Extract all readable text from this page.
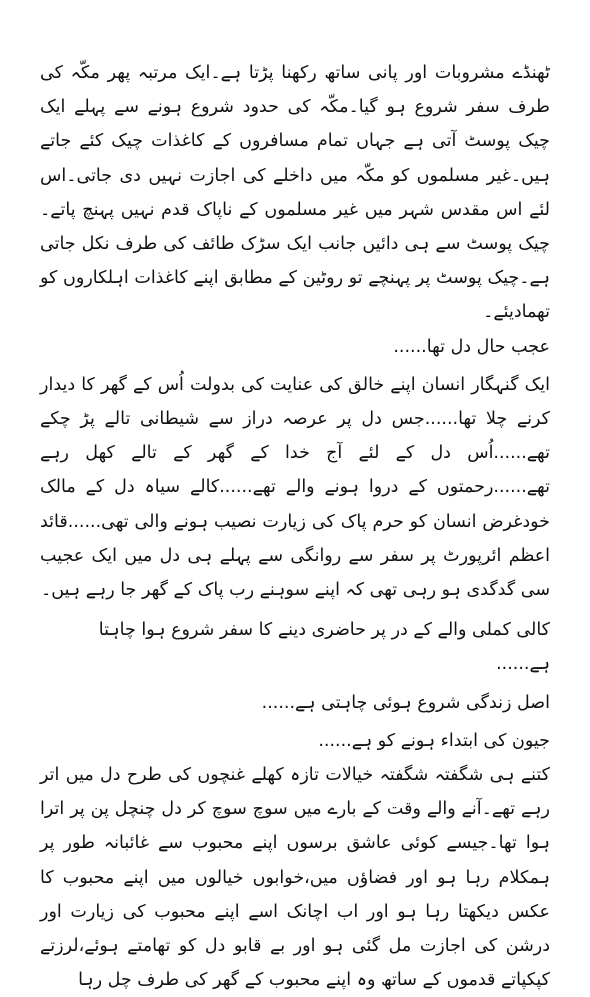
ٹھنڈے مشروبات اور پانی ساتھ رکھنا پڑتا ہے۔ایک مرتبہ پھر مکّہ کی طرف سفر شروع ہو گیا۔مکّہ کی حدود شروع ہونے سے پہلے ایک چیک پوسٹ آتی ہے جہاں تمام مسافروں کے کاغذات چیک کئے جاتے ہیں۔غیر مسلموں کو مکّہ میں داخلے کی اجازت نہیں دی جاتی۔اس لئے اس مقدس شہر میں غیر مسلموں کے ناپاک قدم نہیں پہنچ پاتے۔چیک پوسٹ سے ہی دائیں جانب ایک سڑک طائف کی طرف نکل جاتی ہے۔چیک پوسٹ پر پہنچے تو روٹین کے مطابق اپنے کاغذات اہلکاروں کو تھمادیئے۔

عجب حال دل تھا......

ایک گنہگار انسان اپنے خالق کی عنایت کی بدولت اُس کے گھر کا دیدار کرنے چلا تھا......جس دل پر عرصہ دراز سے شیطانی تالے پڑ چکے تھے......اُس دل کے لئے آج خدا کے گھر کے تالے کھل رہے تھے......رحمتوں کے دروا ہونے والے تھے......کالے سیاہ دل کے مالک خودغرض انسان کو حرم پاک کی زیارت نصیب ہونے والی تھی......قائد اعظم ائرپورٹ پر سفر سے روانگی سے پہلے ہی دل میں ایک عجیب سی گدگدی ہو رہی تھی کہ اپنے سوہنے رب پاک کے گھر جا رہے ہیں۔

کالی کملی والے کے در پر حاضری دینے کا سفر شروع ہوا چاہتا ہے......

اصل زندگی شروع ہوئی چاہتی ہے......

جیون کی ابتداء ہونے کو ہے......

کتنے ہی شگفتہ شگفتہ خیالات تازہ کھلے غنچوں کی طرح دل میں اتر رہے تھے۔آنے والے وقت کے بارے میں سوچ سوچ کر دل چنچل پن پر اترا ہوا تھا۔جیسے کوئی عاشق برسوں اپنے محبوب سے غائبانہ طور پر ہمکلام رہا ہو اور فضاؤں میں،خوابوں خیالوں میں اپنے محبوب کا عکس دیکھتا رہا ہو اور اب اچانک اسے اپنے محبوب کی زیارت اور درشن کی اجازت مل گئی ہو اور بے قابو دل کو تھامتے ہوئے،لرزتے کپکپاتے قدموں کے ساتھ وہ اپنے محبوب کے گھر کی طرف چل رہا
